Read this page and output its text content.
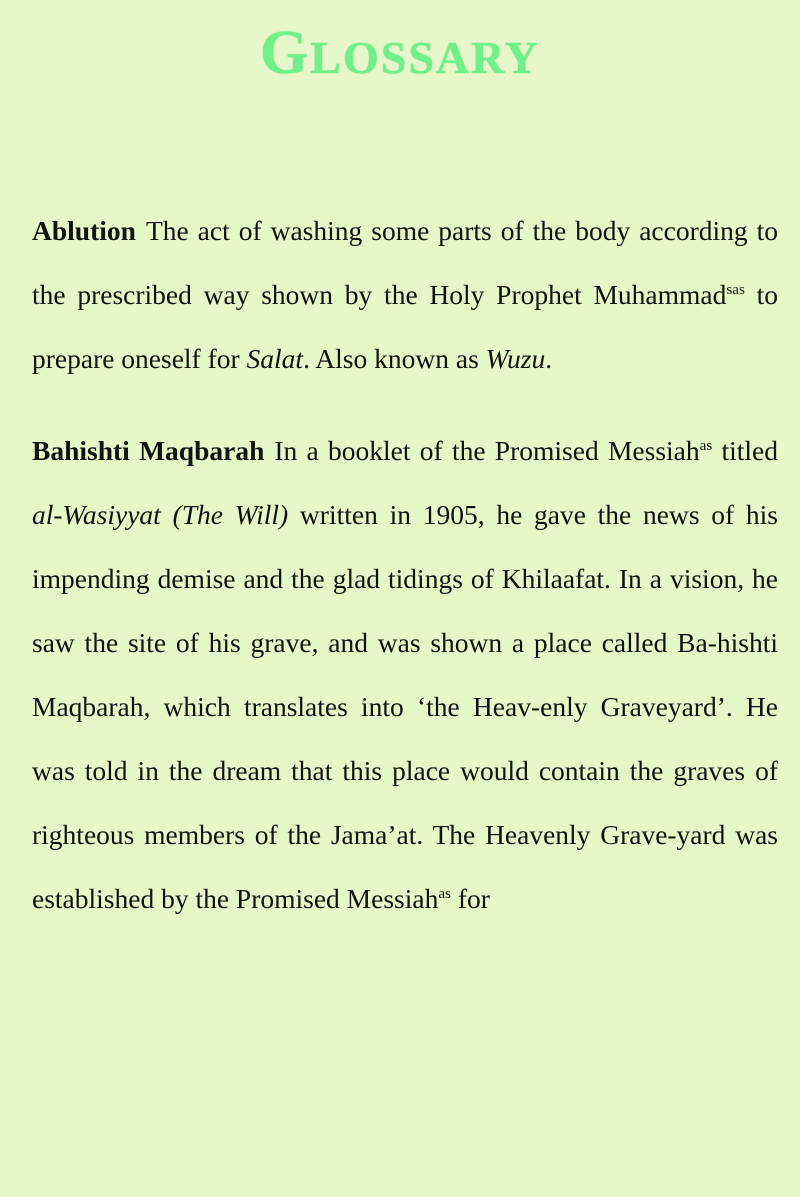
GLOSSARY

Ablution The act of washing some parts of the body according to the prescribed way shown by the Holy Prophet Muhammad$^{sas}$ to prepare oneself for Salat. Also known as Wuzu.

Bahishti Maqbarah In a booklet of the Promised Messiah$^{as}$ titled al-Wasiyyat (The Will) written in 1905, he gave the news of his impending demise and the glad tidings of Khilaafat. In a vision, he saw the site of his grave, and was shown a place called Ba-hishti Maqbarah, which translates into ‘the Heav-enly Graveyard’. He was told in the dream that this place would contain the graves of righteous members of the Jama’at. The Heavenly Grave-yard was established by the Promised Messiah$^{as}$ for
